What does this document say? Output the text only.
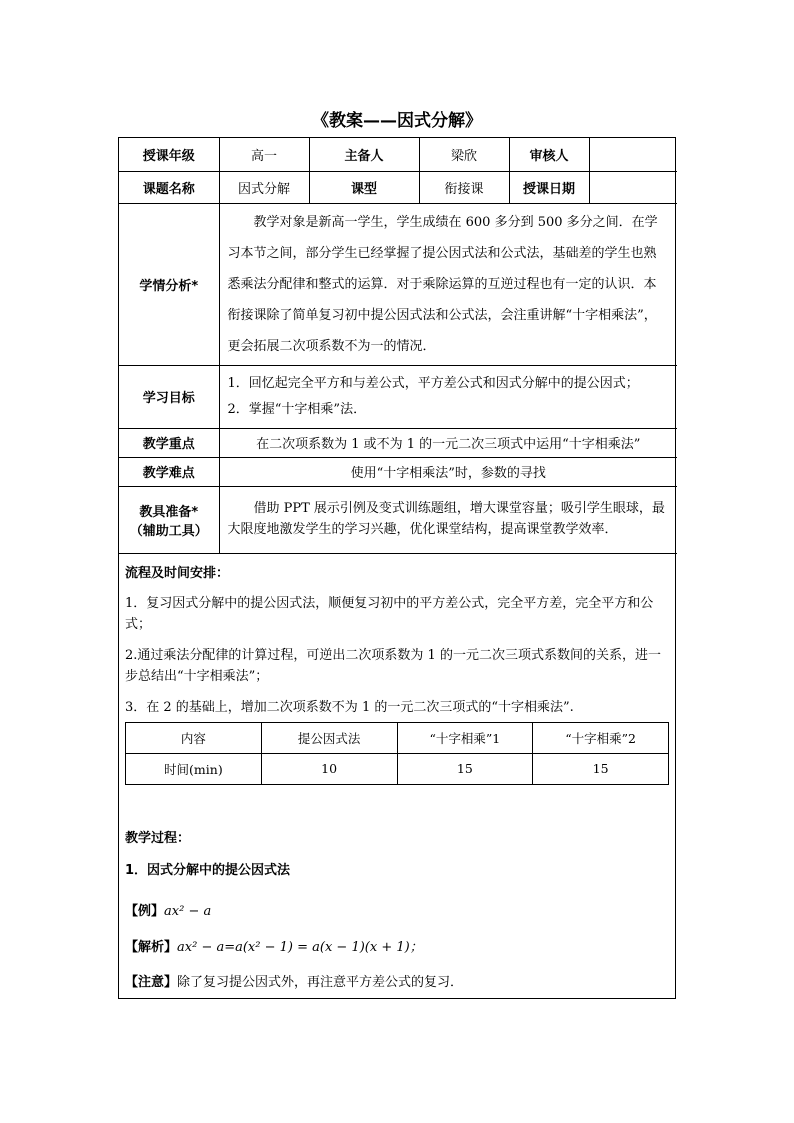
《教案——因式分解》
授课年级	高一	主备人	梁欣	审核人	
课题名称	因式分解	课型	衔接课	授课日期	
学情分析*	教学对象是新高一学生，学生成绩在 600 多分到 500 多分之间．在学习本节之间，部分学生已经掌握了提公因式法和公式法，基础差的学生也熟悉乘法分配律和整式的运算．对于乘除运算的互逆过程也有一定的认识．本衔接课除了简单复习初中提公因式法和公式法，会注重讲解“十字相乘法”，更会拓展二次项系数不为一的情况．				
学习目标	1．回忆起完全平方和与差公式，平方差公式和因式分解中的提公因式；
2．掌握“十字相乘”法．				

教学重点	在二次项系数为 1 或不为 1 的一元二次三项式中运用“十字相乘法”				
教学难点	使用“十字相乘法”时，参数的寻找				

教具准备*
（辅助工具）	借助 PPT 展示引例及变式训练题组，增大课堂容量；吸引学生眼球，最大限度地激发学生的学习兴趣，优化课堂结构，提高课堂教学效率．				
流程及时间安排：

1．复习因式分解中的提公因式法，顺便复习初中的平方差公式，完全平方差，完全平方和公式；

2.通过乘法分配律的计算过程，可逆出二次项系数为 1 的一元二次三项式系数间的关系，进一步总结出“十字相乘法”；

3．在 2 的基础上，增加二次项系数不为 1 的一元二次三项式的“十字相乘法”.

内容	提公因式法	“十字相乘”1	“十字相乘”2
时间(min)	10	15	15
教学过程：
1．因式分解中的提公因式法
【例】ax² − a
【解析】ax² − a=a(x² − 1) = a(x − 1)(x + 1)；
【注意】除了复习提公因式外，再注意平方差公式的复习．
